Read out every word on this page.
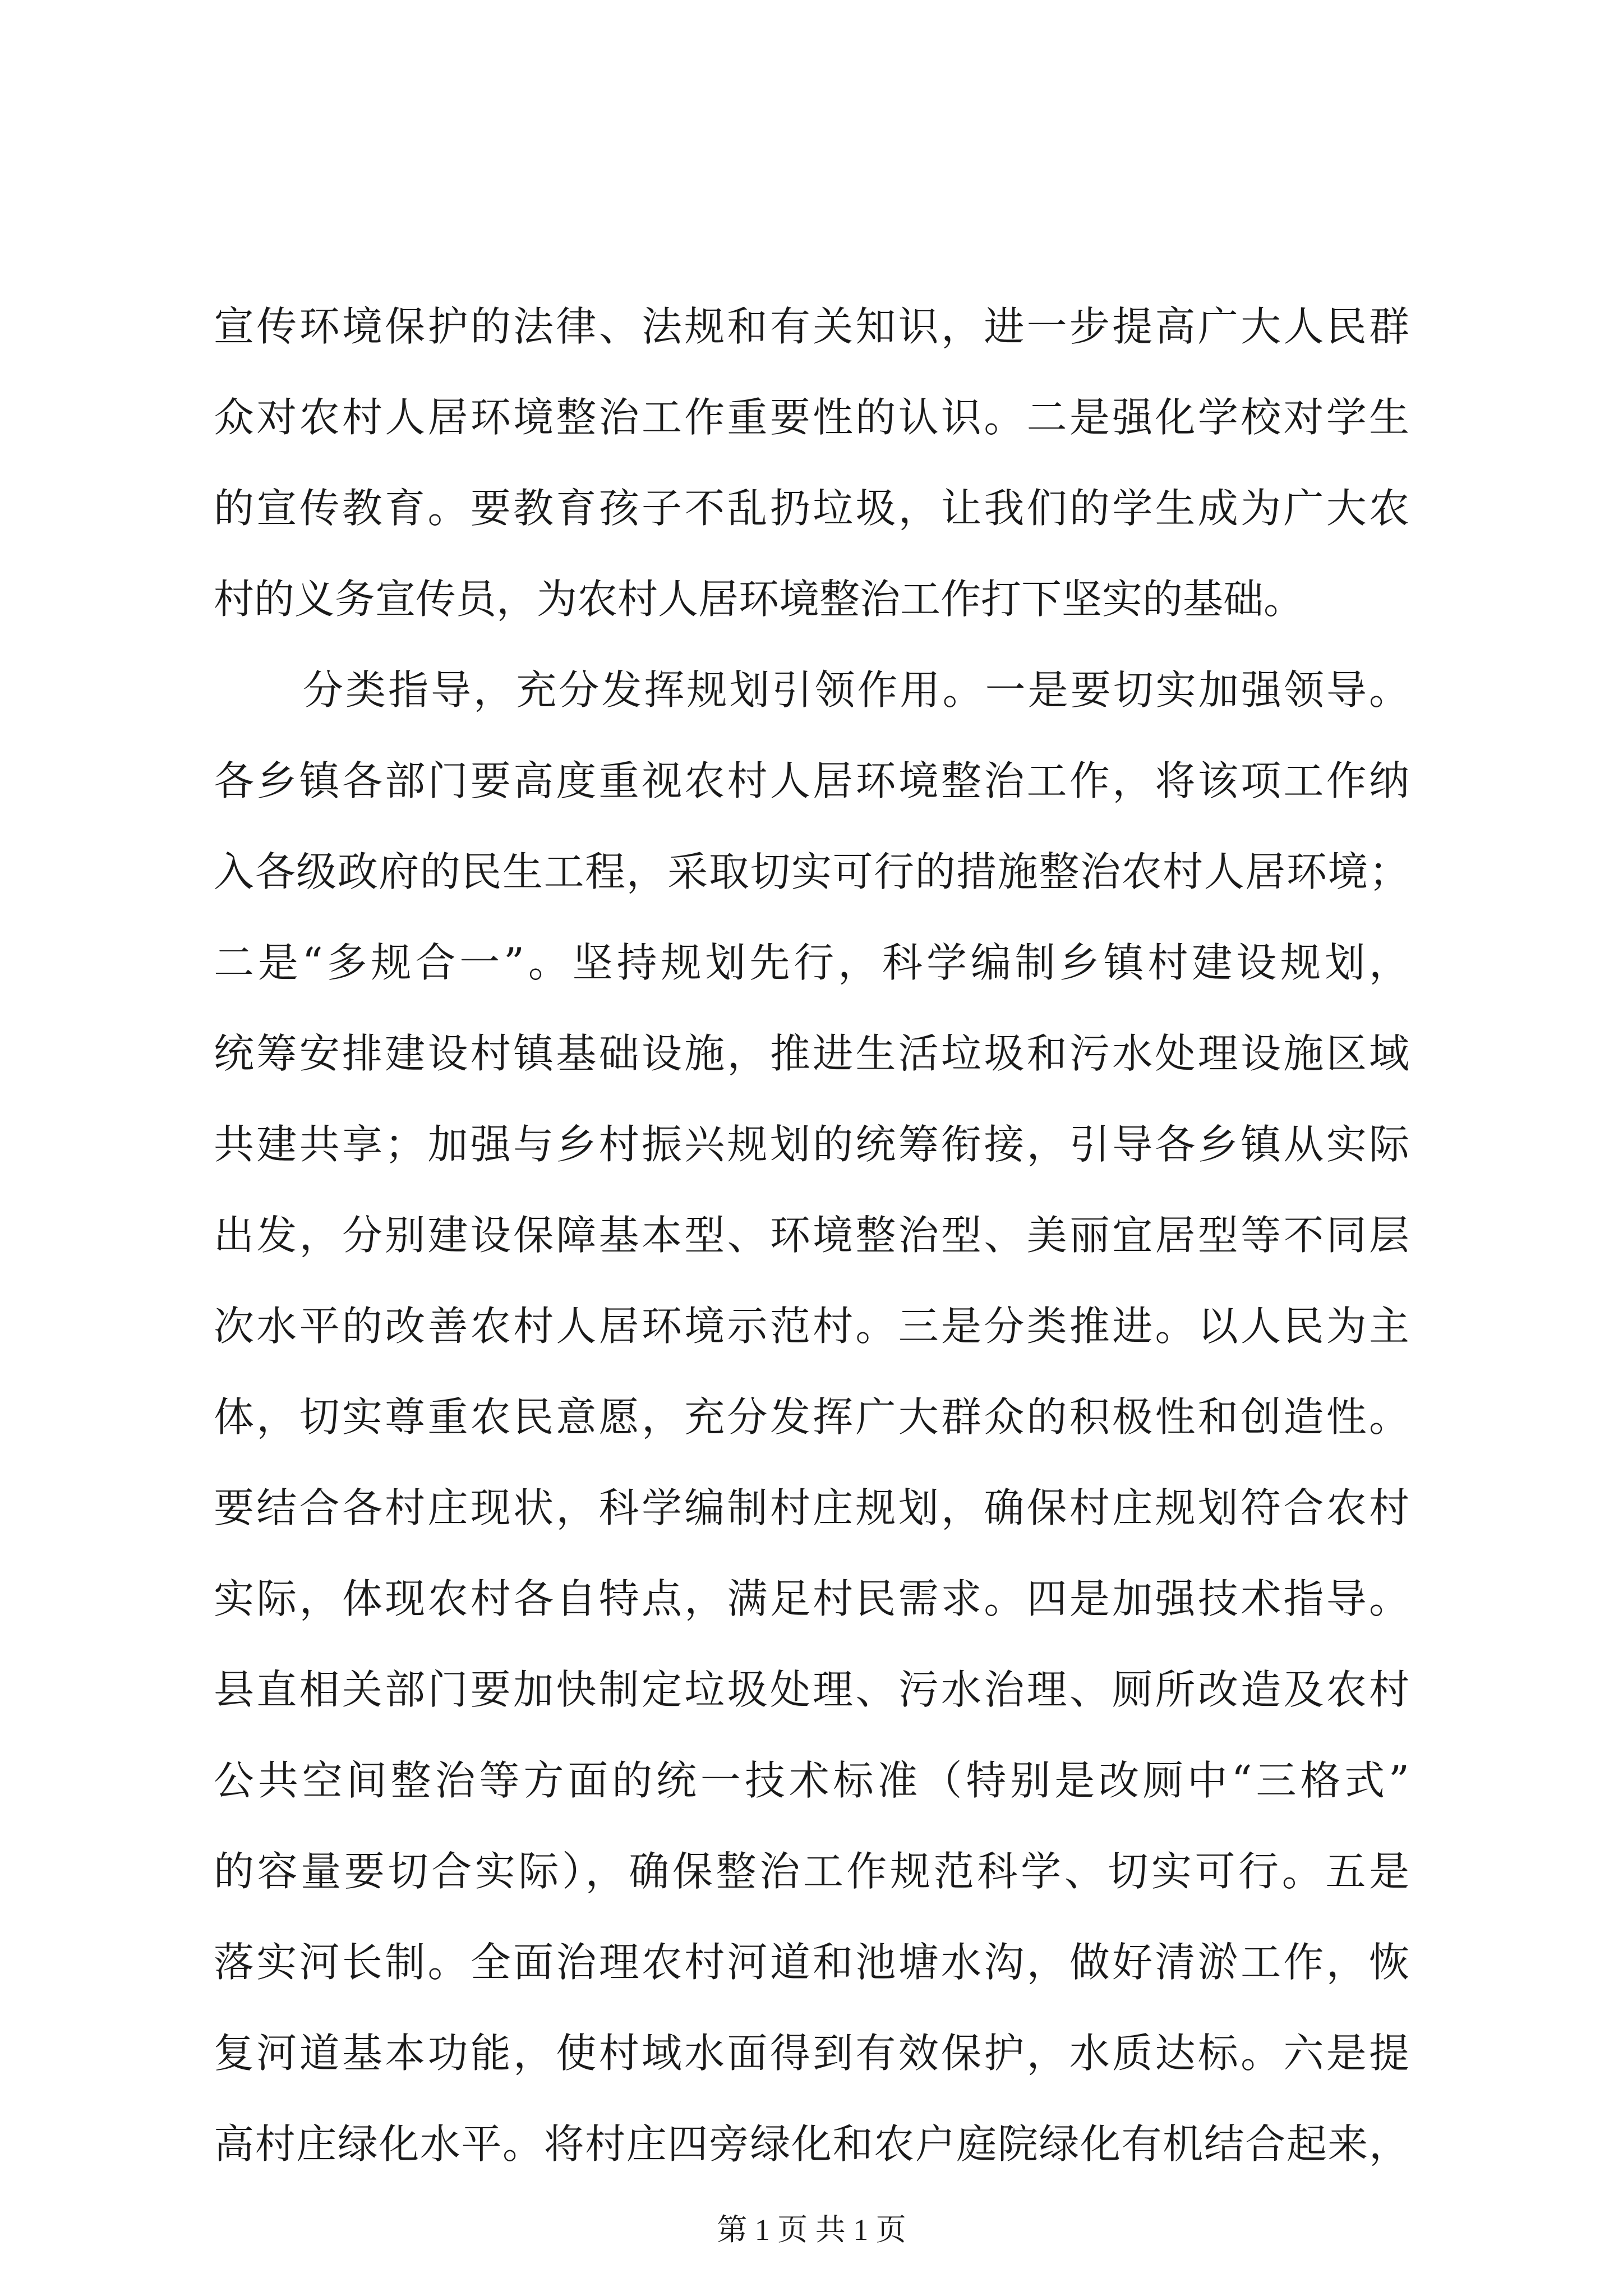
宣传环境保护的法律、法规和有关知识，进一步提高广大人民群
众对农村人居环境整治工作重要性的认识。二是强化学校对学生
的宣传教育。要教育孩子不乱扔垃圾，让我们的学生成为广大农
村的义务宣传员，为农村人居环境整治工作打下坚实的基础。
分类指导，充分发挥规划引领作用。一是要切实加强领导。
各乡镇各部门要高度重视农村人居环境整治工作，将该项工作纳
入各级政府的民生工程，采取切实可行的措施整治农村人居环境；
二是“多规合一”。坚持规划先行，科学编制乡镇村建设规划，
统筹安排建设村镇基础设施，推进生活垃圾和污水处理设施区域
共建共享；加强与乡村振兴规划的统筹衔接，引导各乡镇从实际
出发，分别建设保障基本型、环境整治型、美丽宜居型等不同层
次水平的改善农村人居环境示范村。三是分类推进。以人民为主
体，切实尊重农民意愿，充分发挥广大群众的积极性和创造性。
要结合各村庄现状，科学编制村庄规划，确保村庄规划符合农村
实际，体现农村各自特点，满足村民需求。四是加强技术指导。
县直相关部门要加快制定垃圾处理、污水治理、厕所改造及农村
公共空间整治等方面的统一技术标准（特别是改厕中“三格式”
的容量要切合实际），确保整治工作规范科学、切实可行。五是
落实河长制。全面治理农村河道和池塘水沟，做好清淤工作，恢
复河道基本功能，使村域水面得到有效保护，水质达标。六是提
高村庄绿化水平。将村庄四旁绿化和农户庭院绿化有机结合起来，
第 1 页 共 1 页
